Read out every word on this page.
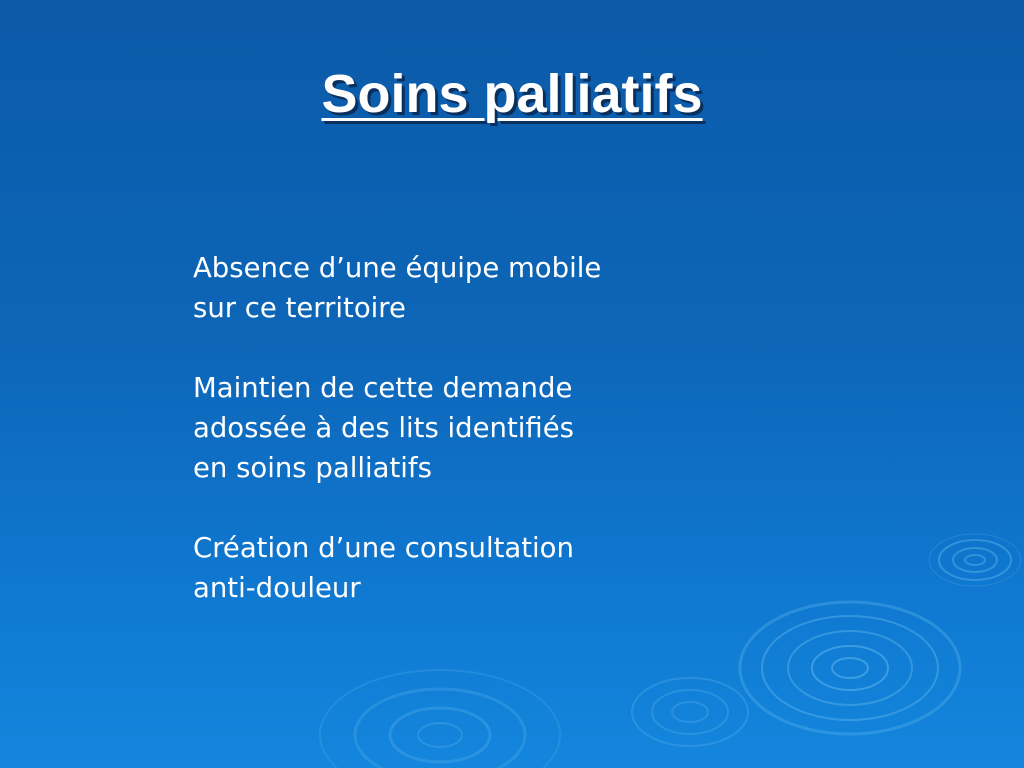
Soins palliatifs

Absence d’une équipe mobile
sur ce territoire

Maintien de cette demande
adossée à des lits identifiés
en soins palliatifs

Création d’une consultation
anti-douleur
